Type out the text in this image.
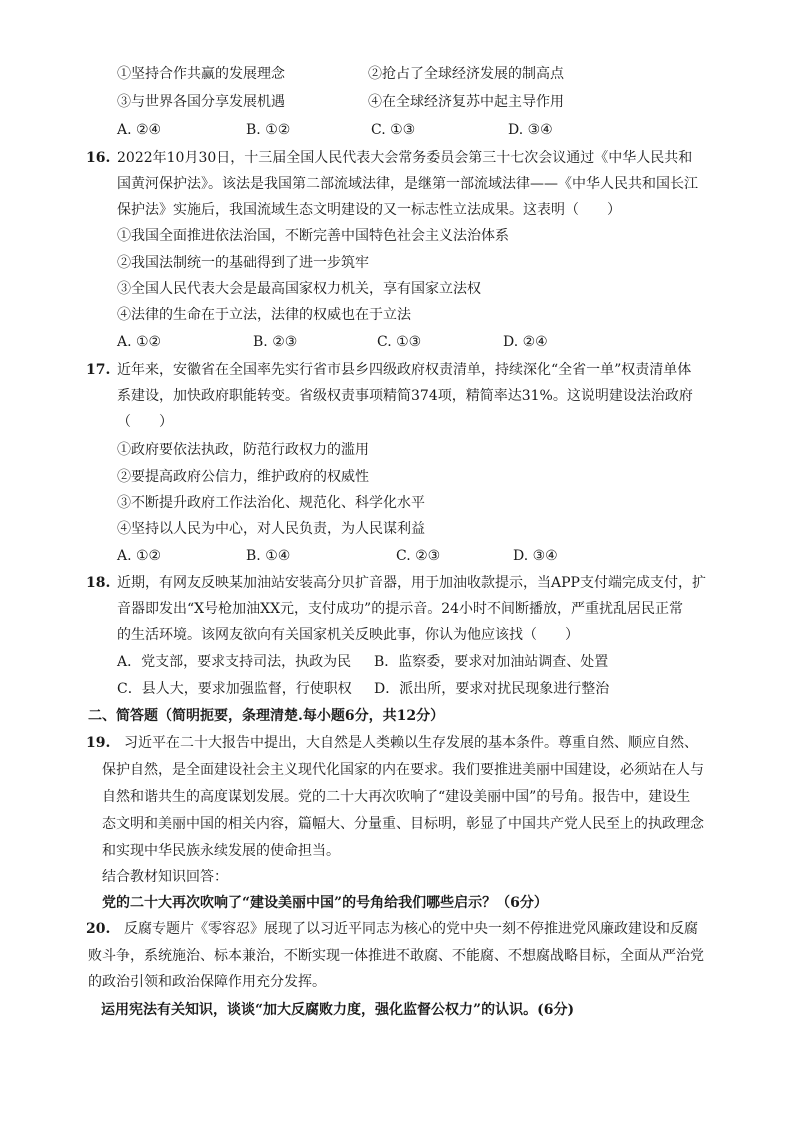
①坚持合作共赢的发展理念	②抢占了全球经济发展的制高点
③与世界各国分享发展机遇	④在全球经济复苏中起主导作用
A. ②④	B. ①②	C. ①③	D. ③④
16. 2022年10月30日，十三届全国人民代表大会常务委员会第三十七次会议通过《中华人民共和
国黄河保护法》。该法是我国第二部流域法律，是继第一部流域法律——《中华人民共和国长江
保护法》实施后，我国流域生态文明建设的又一标志性立法成果。这表明（　　）
①我国全面推进依法治国，不断完善中国特色社会主义法治体系
②我国法制统一的基础得到了进一步筑牢
③全国人民代表大会是最高国家权力机关，享有国家立法权
④法律的生命在于立法，法律的权威也在于立法
A. ①②	B. ②③	C. ①③	D. ②④
17. 近年来，安徽省在全国率先实行省市县乡四级政府权责清单，持续深化“全省一单”权责清单体
系建设，加快政府职能转变。省级权责事项精简374项，精简率达31%。这说明建设法治政府
（　　）
①政府要依法执政，防范行政权力的滥用
②要提高政府公信力，维护政府的权威性
③不断提升政府工作法治化、规范化、科学化水平
④坚持以人民为中心，对人民负责，为人民谋利益
A. ①②	B. ①④	C. ②③	D. ③④
18. 近期，有网友反映某加油站安装高分贝扩音器，用于加油收款提示，当APP支付端完成支付，扩
音器即发出“X号枪加油XX元，支付成功”的提示音。24小时不间断播放，严重扰乱居民正常
的生活环境。该网友欲向有关国家机关反映此事，你认为他应该找（　　）
A．党支部，要求支持司法，执政为民 B．监察委，要求对加油站调查、处置
C．县人大，要求加强监督，行使职权 D．派出所，要求对扰民现象进行整治
二、简答题（简明扼要，条理清楚.每小题6分，共12分）
19. 习近平在二十大报告中提出，大自然是人类赖以生存发展的基本条件。尊重自然、顺应自然、
保护自然，是全面建设社会主义现代化国家的内在要求。我们要推进美丽中国建设，必须站在人与
自然和谐共生的高度谋划发展。党的二十大再次吹响了“建设美丽中国”的号角。报告中，建设生
态文明和美丽中国的相关内容，篇幅大、分量重、目标明，彰显了中国共产党人民至上的执政理念
和实现中华民族永续发展的使命担当。
结合教材知识回答：
党的二十大再次吹响了“建设美丽中国”的号角给我们哪些启示？（6分）
20. 反腐专题片《零容忍》展现了以习近平同志为核心的党中央一刻不停推进党风廉政建设和反腐
败斗争，系统施治、标本兼治，不断实现一体推进不敢腐、不能腐、不想腐战略目标，全面从严治党
的政治引领和政治保障作用充分发挥。
运用宪法有关知识，谈谈“加大反腐败力度，强化监督公权力”的认识。(6分)
